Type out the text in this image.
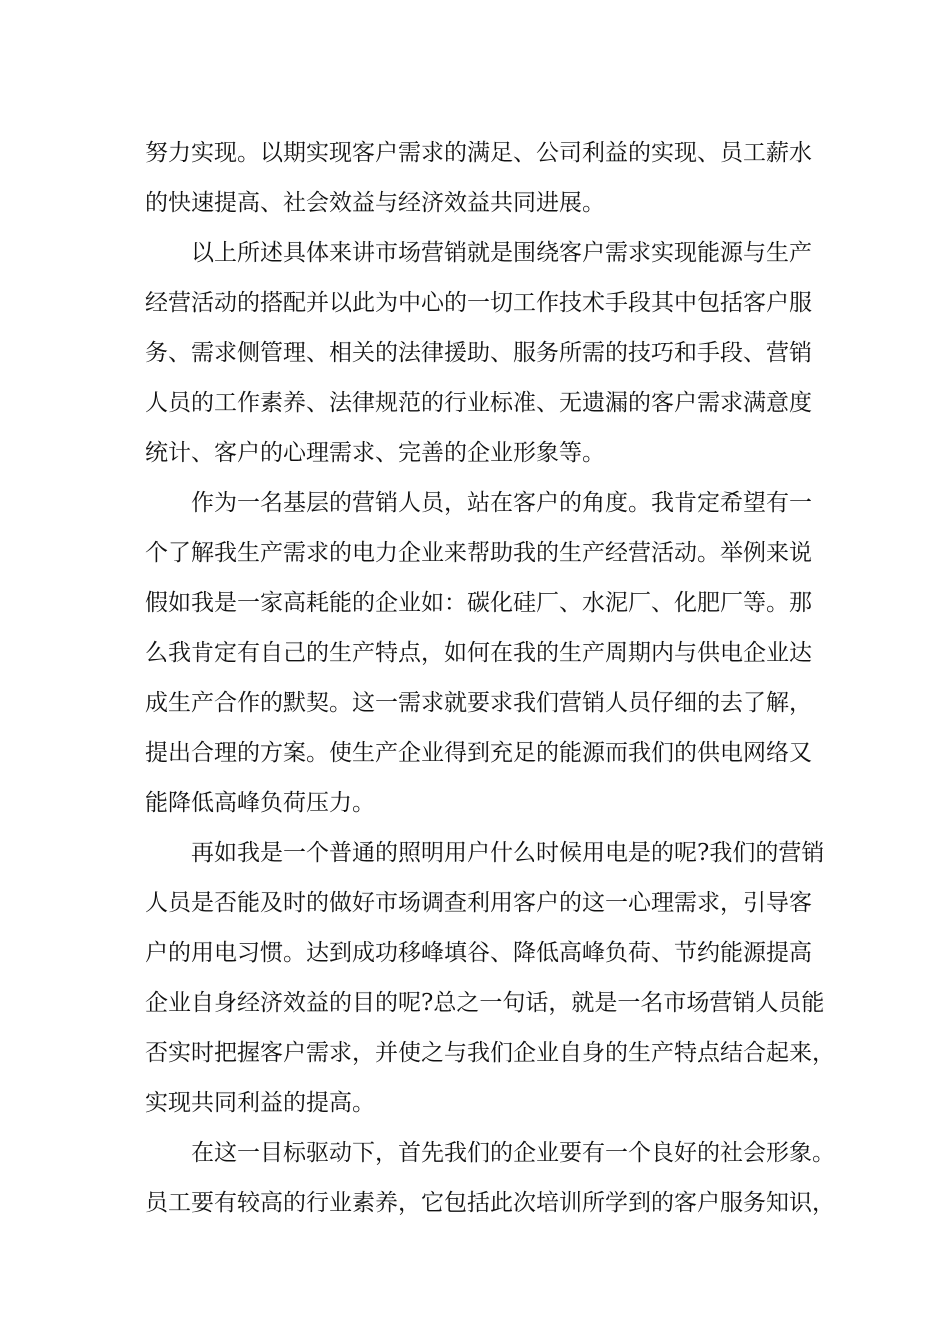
努力实现。以期实现客户需求的满足、公司利益的实现、员工薪水
的快速提高、社会效益与经济效益共同进展。
以上所述具体来讲市场营销就是围绕客户需求实现能源与生产
经营活动的搭配并以此为中心的一切工作技术手段其中包括客户服
务、需求侧管理、相关的法律援助、服务所需的技巧和手段、营销
人员的工作素养、法律规范的行业标准、无遗漏的客户需求满意度
统计、客户的心理需求、完善的企业形象等。
作为一名基层的营销人员，站在客户的角度。我肯定希望有一
个了解我生产需求的电力企业来帮助我的生产经营活动。举例来说
假如我是一家高耗能的企业如：碳化硅厂、水泥厂、化肥厂等。那
么我肯定有自己的生产特点，如何在我的生产周期内与供电企业达
成生产合作的默契。这一需求就要求我们营销人员仔细的去了解，
提出合理的方案。使生产企业得到充足的能源而我们的供电网络又
能降低高峰负荷压力。
再如我是一个普通的照明用户什么时候用电是的呢?我们的营销
人员是否能及时的做好市场调查利用客户的这一心理需求，引导客
户的用电习惯。达到成功移峰填谷、降低高峰负荷、节约能源提高
企业自身经济效益的目的呢?总之一句话，就是一名市场营销人员能
否实时把握客户需求，并使之与我们企业自身的生产特点结合起来，
实现共同利益的提高。
在这一目标驱动下，首先我们的企业要有一个良好的社会形象。
员工要有较高的行业素养，它包括此次培训所学到的客户服务知识，
